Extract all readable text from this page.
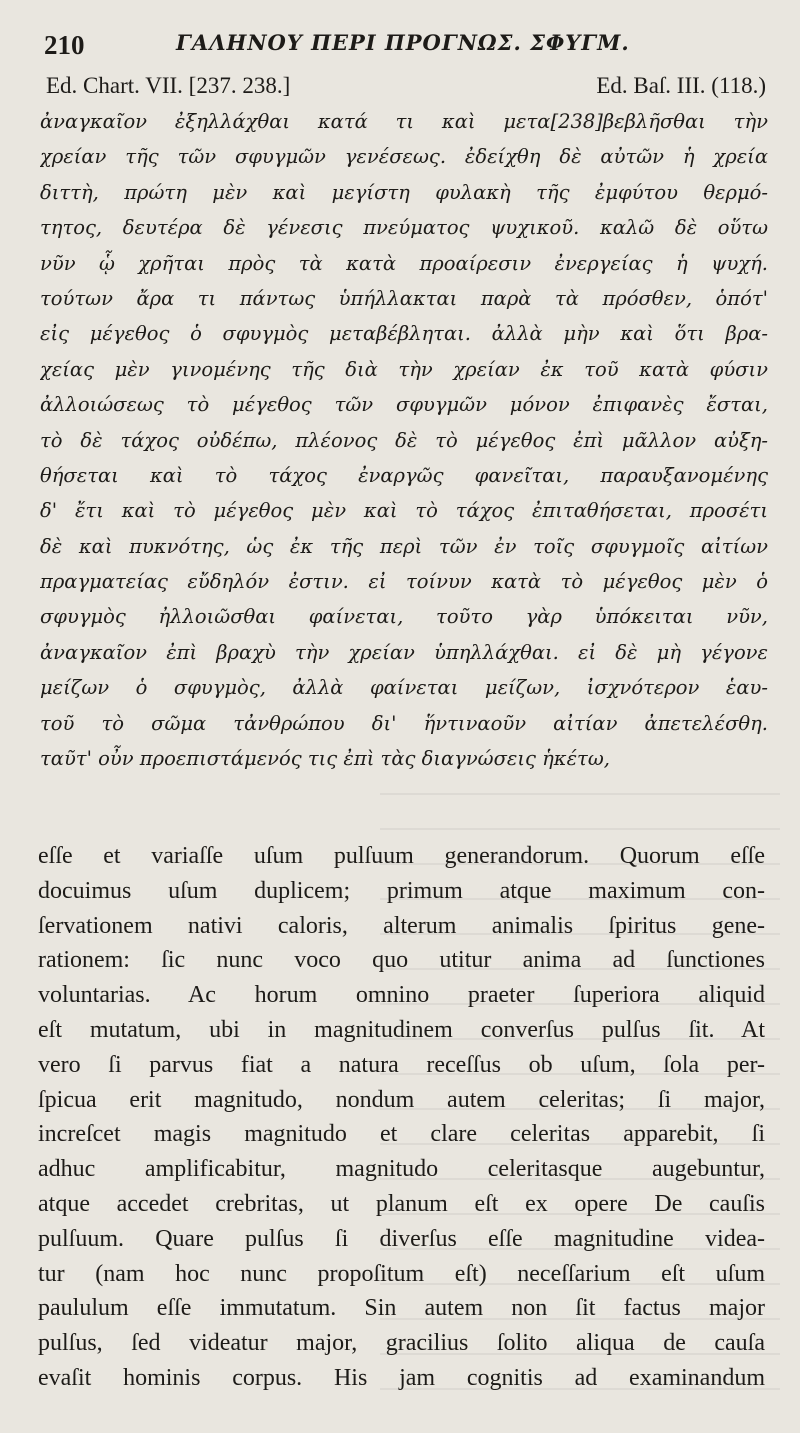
210	ΓΑΛΗΝΟΥ ΠΕΡΙ ΠΡΟΓΝΩΣ. ΣΦΥΓΜ.
Ed. Chart. VII. [237. 238.]	Ed. Baſ. III. (118.)
ἀναγκαῖον ἐξηλλάχθαι κατά τι καὶ μετα[238]βεβλῆσθαι τὴν
χρείαν τῆς τῶν σφυγμῶν γενέσεως. ἐδείχθη δὲ αὐτῶν ἡ χρεία
διττὴ, πρώτη μὲν καὶ μεγίστη φυλακὴ τῆς ἐμφύτου θερμό-
τητος, δευτέρα δὲ γένεσις πνεύματος ψυχικοῦ. καλῶ δὲ οὕτω
νῦν ᾧ χρῆται πρὸς τὰ κατὰ προαίρεσιν ἐνεργείας ἡ ψυχή.
τούτων ἄρα τι πάντως ὑπήλλακται παρὰ τὰ πρόσθεν, ὁπότ'
εἰς μέγεθος ὁ σφυγμὸς μεταβέβληται. ἀλλὰ μὴν καὶ ὅτι βρα-
χείας μὲν γινομένης τῆς διὰ τὴν χρείαν ἐκ τοῦ κατὰ φύσιν
ἀλλοιώσεως τὸ μέγεθος τῶν σφυγμῶν μόνον ἐπιφανὲς ἔσται,
τὸ δὲ τάχος οὐδέπω, πλέονος δὲ τὸ μέγεθος ἐπὶ μᾶλλον αὐξη-
θήσεται καὶ τὸ τάχος ἐναργῶς φανεῖται, παραυξανομένης
δ' ἔτι καὶ τὸ μέγεθος μὲν καὶ τὸ τάχος ἐπιταθήσεται, προσέτι
δὲ καὶ πυκνότης, ὡς ἐκ τῆς περὶ τῶν ἐν τοῖς σφυγμοῖς αἰτίων
πραγματείας εὔδηλόν ἐστιν. εἰ τοίνυν κατὰ τὸ μέγεθος μὲν ὁ
σφυγμὸς ἠλλοιῶσθαι φαίνεται, τοῦτο γὰρ ὑπόκειται νῦν,
ἀναγκαῖον ἐπὶ βραχὺ τὴν χρείαν ὑπηλλάχθαι. εἰ δὲ μὴ γέγονε
μείζων ὁ σφυγμὸς, ἀλλὰ φαίνεται μείζων, ἰσχνότερον ἑαυ-
τοῦ τὸ σῶμα τἀνθρώπου δι' ἥντιναοῦν αἰτίαν ἀπετελέσθη.
ταῦτ' οὖν προεπιστάμενός τις ἐπὶ τὰς διαγνώσεις ἡκέτω,
eſſe et variaſſe uſum pulſuum generandorum. Quorum eſſe
docuimus uſum duplicem; primum atque maximum con-
ſervationem nativi caloris, alterum animalis ſpiritus gene-
rationem: ſic nunc voco quo utitur anima ad ſunctiones
voluntarias. Ac horum omnino praeter ſuperiora aliquid
eſt mutatum, ubi in magnitudinem converſus pulſus ſit. At
vero ſi parvus fiat a natura receſſus ob uſum, ſola per-
ſpicua erit magnitudo, nondum autem celeritas; ſi major,
increſcet magis magnitudo et clare celeritas apparebit, ſi
adhuc amplificabitur, magnitudo celeritasque augebuntur,
atque accedet crebritas, ut planum eſt ex opere De cauſis
pulſuum. Quare pulſus ſi diverſus eſſe magnitudine videa-
tur (nam hoc nunc propoſitum eſt) neceſſarium eſt uſum
paululum eſſe immutatum. Sin autem non ſit factus major
pulſus, ſed videatur major, gracilius ſolito aliqua de cauſa
evaſit hominis corpus. His jam cognitis ad examinandum
